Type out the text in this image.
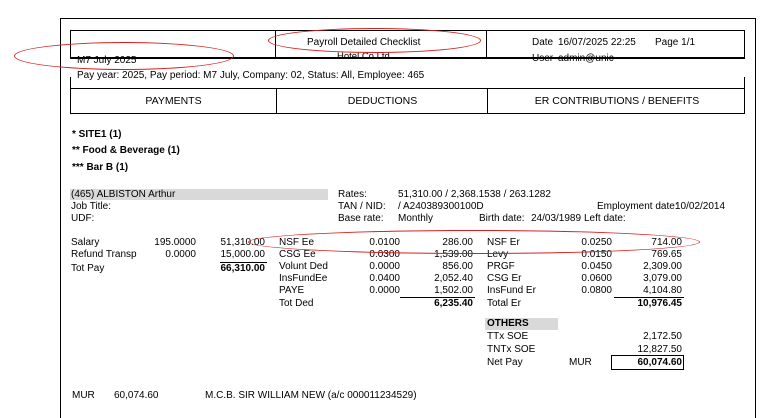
Payroll Detailed Checklist
Hotel Co Ltd
M7 July 2025
Date 16/07/2025 22:25 Page 1/1
User admin@unic
Pay year: 2025, Pay period: M7 July, Company: 02, Status: All, Employee: 465
PAYMENTS	DEDUCTIONS	ER CONTRIBUTIONS / BENEFITS
* SITE1 (1)
** Food & Beverage (1)
*** Bar B (1)
(465) ALBISTON Arthur
Job Title:
UDF:
Rates:	51,310.00 / 2,368.1538 / 263.1282
TAN / NID: / A240389300100D
Base rate: Monthly	Birth date: 24/03/1989 Left date:
Employment date:
10/02/2014
Salary	195.0000	51,310.00
Refund Transp	0.0000	15,000.00
Tot Pay	66,310.00
NSF Ee	0.0100	286.00
CSG Ee	0.0300	1,539.00
Volunt Ded	0.0000	856.00
InsFundEe	0.0400	2,052.40
PAYE	0.0000	1,502.00
Tot Ded	6,235.40
NSF Er	0.0250	714.00
Levy	0.0150	769.65
PRGF	0.0450	2,309.00
CSG Er	0.0600	3,079.00
InsFund Er	0.0800	4,104.80
Total Er	10,976.45
OTHERS
TTx SOE	2,172.50
TNTx SOE	12,827.50
Net Pay	MUR	60,074.60
MUR 60,074.60	M.C.B. SIR WILLIAM NEW (a/c 000011234529)
